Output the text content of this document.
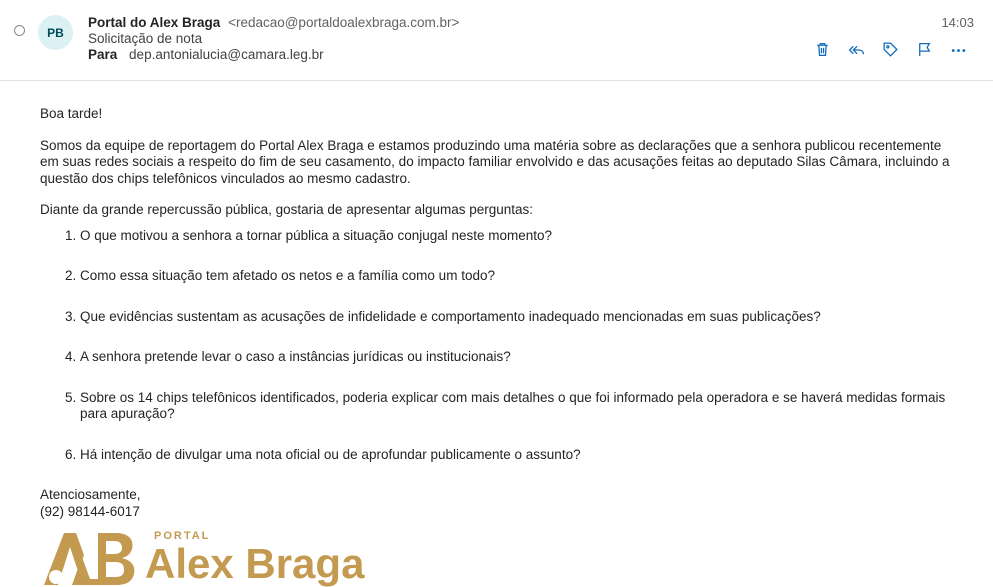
PB
Portal do Alex Braga <redacao@portaldoalexbraga.com.br>
Solicitação de nota
Para dep.antonialucia@camara.leg.br
14:03

Boa tarde!

Somos da equipe de reportagem do Portal Alex Braga e estamos produzindo uma matéria sobre as declarações que a senhora publicou recentemente em suas redes sociais a respeito do fim de seu casamento, do impacto familiar envolvido e das acusações feitas ao deputado Silas Câmara, incluindo a questão dos chips telefônicos vinculados ao mesmo cadastro.

Diante da grande repercussão pública, gostaria de apresentar algumas perguntas:

1. O que motivou a senhora a tornar pública a situação conjugal neste momento?
2. Como essa situação tem afetado os netos e a família como um todo?
3. Que evidências sustentam as acusações de infidelidade e comportamento inadequado mencionadas em suas publicações?
4. A senhora pretende levar o caso a instâncias jurídicas ou institucionais?
5. Sobre os 14 chips telefônicos identificados, poderia explicar com mais detalhes o que foi informado pela operadora e se haverá medidas formais para apuração?
6. Há intenção de divulgar uma nota oficial ou de aprofundar publicamente o assunto?

Atenciosamente,

(92) 98144-6017

PORTAL
Alex Braga
